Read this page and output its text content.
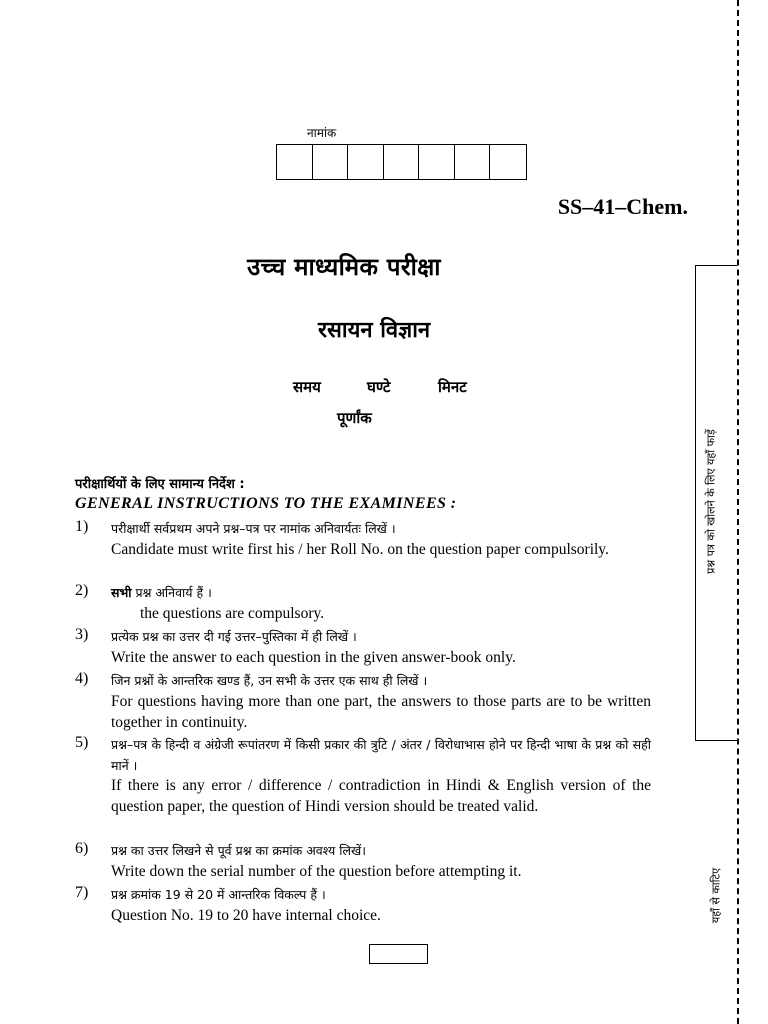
नामांक
SS–41–Chem.
उच्च माध्यमिक परीक्षा
रसायन विज्ञान
समय	घण्टे	मिनट
पूर्णांक
परीक्षार्थियों के लिए सामान्य निर्देश :
GENERAL INSTRUCTIONS TO THE EXAMINEES :
1) परीक्षार्थी सर्वप्रथम अपने प्रश्न–पत्र पर नामांक अनिवार्यतः लिखें ।
Candidate must write first his / her Roll No. on the question paper compulsorily.
2) सभी प्रश्न अनिवार्य हैं ।
the questions are compulsory.
3) प्रत्येक प्रश्न का उत्तर दी गई उत्तर–पुस्तिका में ही लिखें ।
Write the answer to each question in the given answer-book only.
4) जिन प्रश्नों के आन्तरिक खण्ड हैं, उन सभी के उत्तर एक साथ ही लिखें ।
For questions having more than one part, the answers to those parts are to be written together in continuity.
5) प्रश्न–पत्र के हिन्दी व अंग्रेजी रूपांतरण में किसी प्रकार की त्रुटि / अंतर / विरोधाभास होने पर हिन्दी भाषा के प्रश्न को सही मानें ।
If there is any error / difference / contradiction in Hindi & English version of the question paper, the question of Hindi version should be treated valid.
6) प्रश्न का उत्तर लिखने से पूर्व प्रश्न का क्रमांक अवश्य लिखें।
Write down the serial number of the question before attempting it.
7) प्रश्न क्रमांक 19 से 20 में आन्तरिक विकल्प हैं ।
Question No. 19 to 20 have internal choice.
प्रश्न पत्र को खोलने के लिए यहाँ फाड़ें
यहाँ से काटिए
